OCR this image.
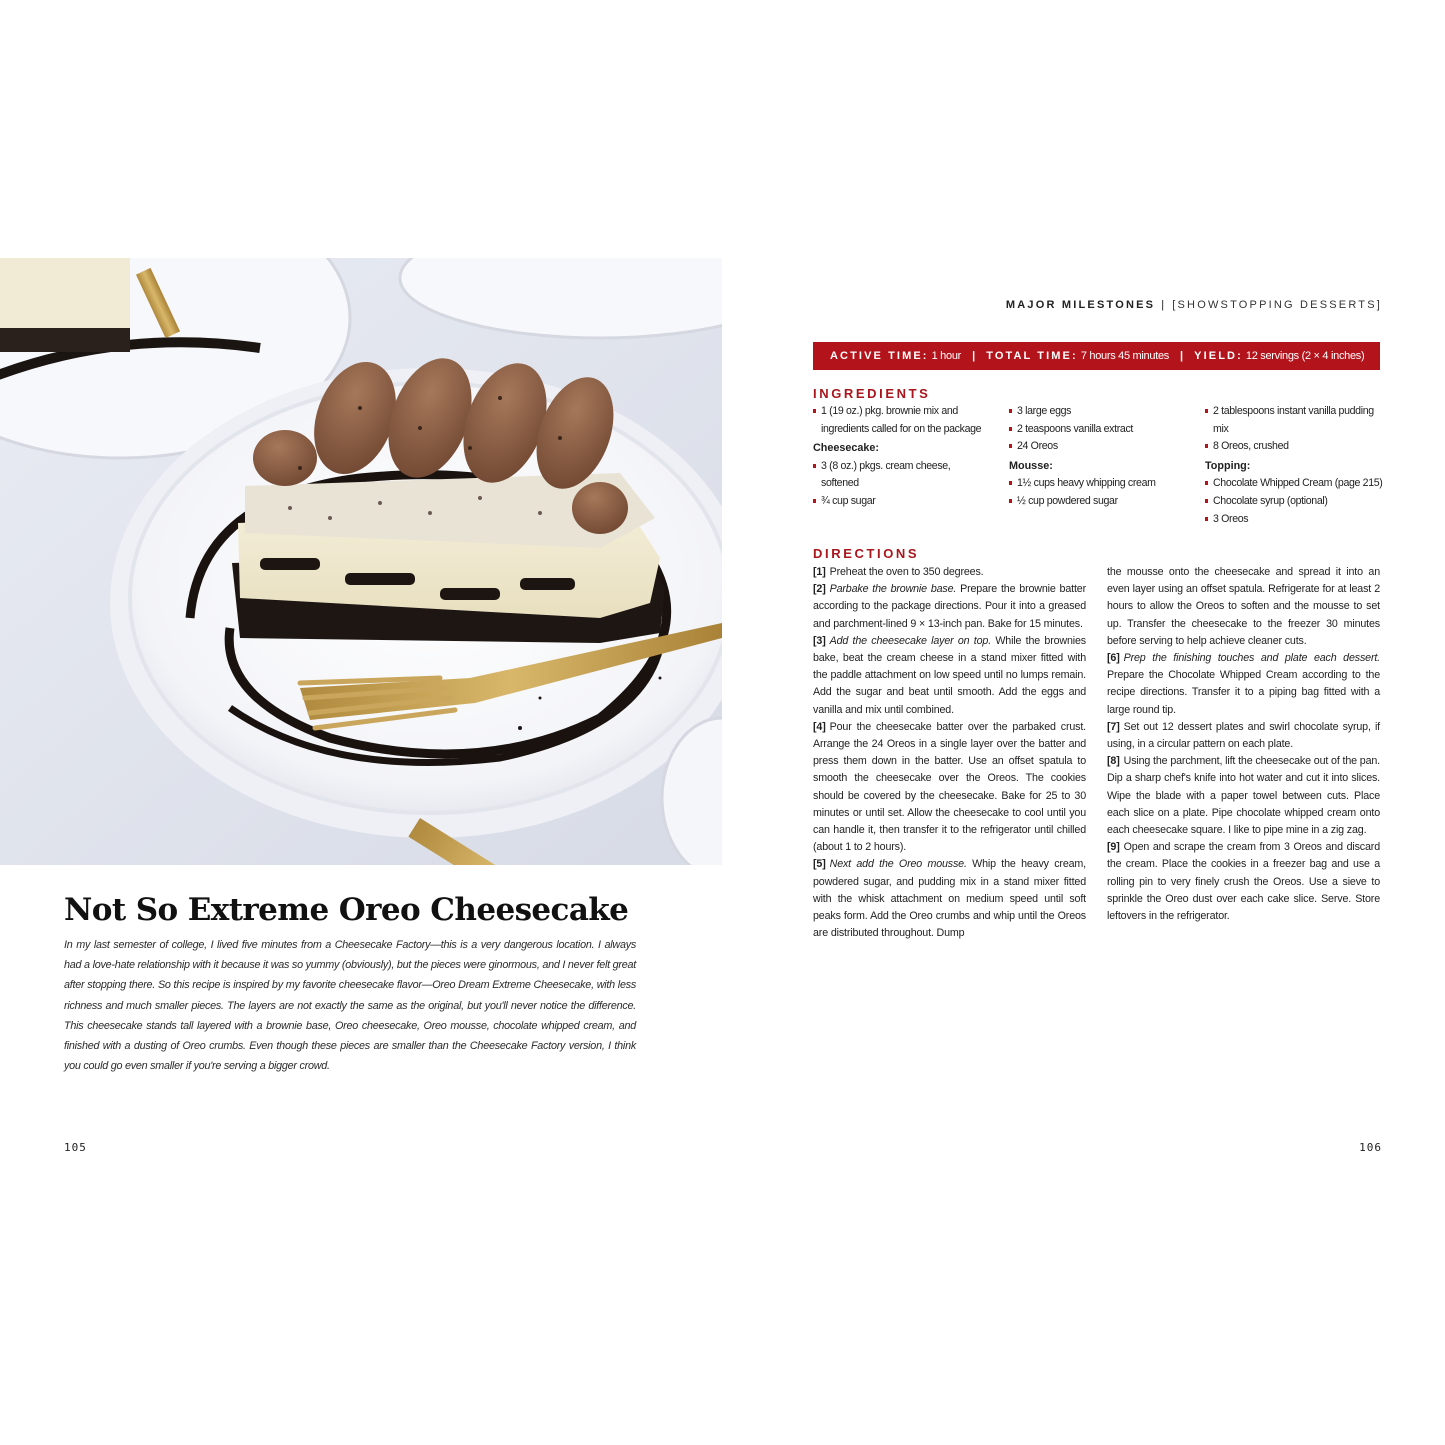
Not So Extreme Oreo Cheesecake

In my last semester of college, I lived five minutes from a Cheesecake Factory—this is a very dangerous location. I always had a love-hate relationship with it because it was so yummy (obviously), but the pieces were ginormous, and I never felt great after stopping there. So this recipe is inspired by my favorite cheesecake flavor—Oreo Dream Extreme Cheesecake, with less richness and much smaller pieces. The layers are not exactly the same as the original, but you'll never notice the difference. This cheesecake stands tall layered with a brownie base, Oreo cheesecake, Oreo mousse, chocolate whipped cream, and finished with a dusting of Oreo crumbs. Even though these pieces are smaller than the Cheesecake Factory version, I think you could go even smaller if you're serving a bigger crowd.

105
MAJOR MILESTONES | [SHOWSTOPPING DESSERTS]
ACTIVE TIME: 1 hour | TOTAL TIME: 7 hours 45 minutes | YIELD: 12 servings (2 × 4 inches)
INGREDIENTS
1 (19 oz.) pkg. brownie mix and ingredients called for on the package
Cheesecake:
3 (8 oz.) pkgs. cream cheese, softened
¾ cup sugar
3 large eggs
2 teaspoons vanilla extract
24 Oreos
Mousse:
1½ cups heavy whipping cream
½ cup powdered sugar
2 tablespoons instant vanilla pudding mix
8 Oreos, crushed
Topping:
Chocolate Whipped Cream (page 215)
Chocolate syrup (optional)
3 Oreos
DIRECTIONS

[1] Preheat the oven to 350 degrees.

[2] Parbake the brownie base. Prepare the brownie batter according to the package directions. Pour it into a greased and parchment-lined 9 × 13-inch pan. Bake for 15 minutes.

[3] Add the cheesecake layer on top. While the brownies bake, beat the cream cheese in a stand mixer fitted with the paddle attachment on low speed until no lumps remain. Add the sugar and beat until smooth. Add the eggs and vanilla and mix until combined.

[4] Pour the cheesecake batter over the parbaked crust. Arrange the 24 Oreos in a single layer over the batter and press them down in the batter. Use an offset spatula to smooth the cheesecake over the Oreos. The cookies should be covered by the cheesecake. Bake for 25 to 30 minutes or until set. Allow the cheesecake to cool until you can handle it, then transfer it to the refrigerator until chilled (about 1 to 2 hours).

[5] Next add the Oreo mousse. Whip the heavy cream, powdered sugar, and pudding mix in a stand mixer fitted with the whisk attachment on medium speed until soft peaks form. Add the Oreo crumbs and whip until the Oreos are distributed throughout. Dump

the mousse onto the cheesecake and spread it into an even layer using an offset spatula. Refrigerate for at least 2 hours to allow the Oreos to soften and the mousse to set up. Transfer the cheesecake to the freezer 30 minutes before serving to help achieve cleaner cuts.

[6] Prep the finishing touches and plate each dessert. Prepare the Chocolate Whipped Cream according to the recipe directions. Transfer it to a piping bag fitted with a large round tip.

[7] Set out 12 dessert plates and swirl chocolate syrup, if using, in a circular pattern on each plate.

[8] Using the parchment, lift the cheesecake out of the pan. Dip a sharp chef's knife into hot water and cut it into slices. Wipe the blade with a paper towel between cuts. Place each slice on a plate. Pipe chocolate whipped cream onto each cheesecake square. I like to pipe mine in a zig zag.

[9] Open and scrape the cream from 3 Oreos and discard the cream. Place the cookies in a freezer bag and use a rolling pin to very finely crush the Oreos. Use a sieve to sprinkle the Oreo dust over each cake slice. Serve. Store leftovers in the refrigerator.

106
